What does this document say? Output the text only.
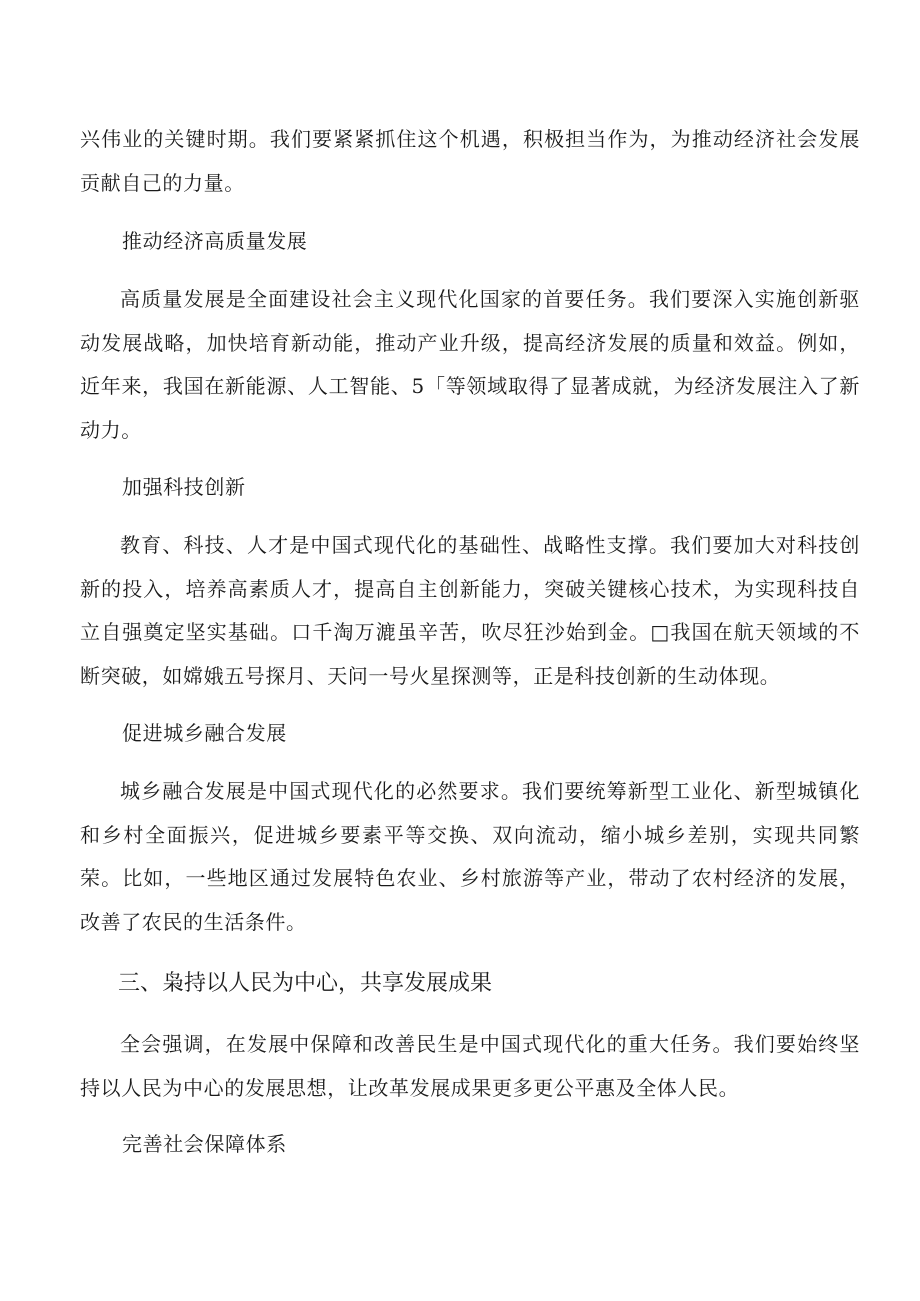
兴伟业的关键时期。我们要紧紧抓住这个机遇，积极担当作为，为推动经济社会发展贡献自己的力量。

推动经济高质量发展

高质量发展是全面建设社会主义现代化国家的首要任务。我们要深入实施创新驱动发展战略，加快培育新动能，推动产业升级，提高经济发展的质量和效益。例如，近年来，我国在新能源、人工智能、5「等领域取得了显著成就，为经济发展注入了新动力。

加强科技创新

教育、科技、人才是中国式现代化的基础性、战略性支撑。我们要加大对科技创新的投入，培养高素质人才，提高自主创新能力，突破关键核心技术，为实现科技自立自强奠定坚实基础。口千淘万漉虽辛苦，吹尽狂沙始到金。□我国在航天领域的不断突破，如嫦娥五号探月、天问一号火星探测等，正是科技创新的生动体现。

促进城乡融合发展

城乡融合发展是中国式现代化的必然要求。我们要统筹新型工业化、新型城镇化和乡村全面振兴，促进城乡要素平等交换、双向流动，缩小城乡差别，实现共同繁荣。比如，一些地区通过发展特色农业、乡村旅游等产业，带动了农村经济的发展，改善了农民的生活条件。

三、枭持以人民为中心，共享发展成果

全会强调，在发展中保障和改善民生是中国式现代化的重大任务。我们要始终坚持以人民为中心的发展思想，让改革发展成果更多更公平惠及全体人民。

完善社会保障体系
